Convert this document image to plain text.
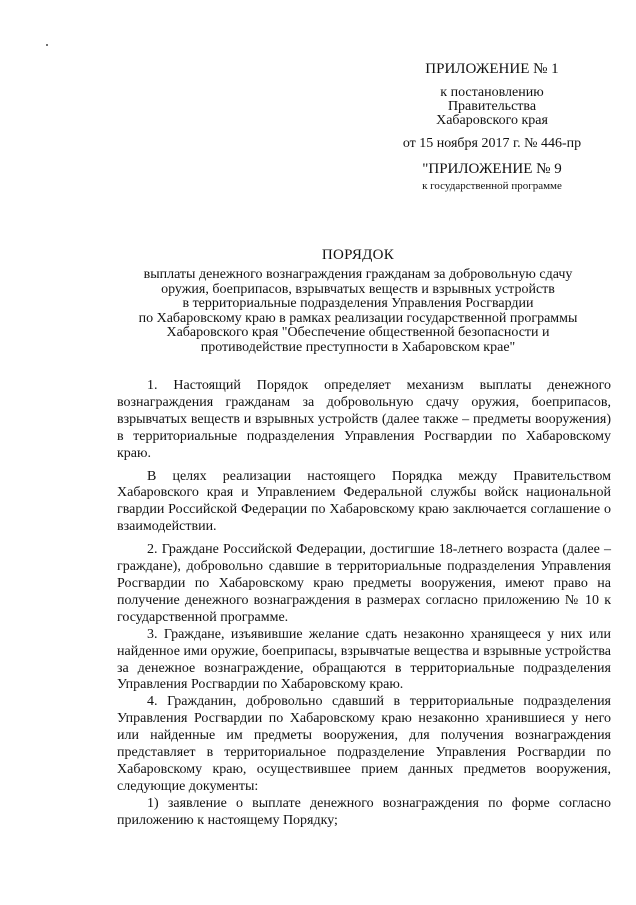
ПРИЛОЖЕНИЕ № 1
к постановлению
Правительства
Хабаровского края
от 15 ноября 2017 г. № 446-пр
"ПРИЛОЖЕНИЕ № 9
к государственной программе
ПОРЯДОК
выплаты денежного вознаграждения гражданам за добровольную сдачу
оружия, боеприпасов, взрывчатых веществ и взрывных устройств
в территориальные подразделения Управления Росгвардии
по Хабаровскому краю в рамках реализации государственной программы
Хабаровского края "Обеспечение общественной безопасности и
противодействие преступности в Хабаровском крае"

1. Настоящий Порядок определяет механизм выплаты денежного вознаграждения гражданам за добровольную сдачу оружия, боеприпасов, взрывчатых веществ и взрывных устройств (далее также – предметы вооружения) в территориальные подразделения Управления Росгвардии по Хабаровскому краю.

В целях реализации настоящего Порядка между Правительством Хабаровского края и Управлением Федеральной службы войск национальной гвардии Российской Федерации по Хабаровскому краю заключается соглашение о взаимодействии.

2. Граждане Российской Федерации, достигшие 18-летнего возраста (далее – граждане), добровольно сдавшие в территориальные подразделения Управления Росгвардии по Хабаровскому краю предметы вооружения, имеют право на получение денежного вознаграждения в размерах согласно приложению № 10 к государственной программе.

3. Граждане, изъявившие желание сдать незаконно хранящееся у них или найденное ими оружие, боеприпасы, взрывчатые вещества и взрывные устройства за денежное вознаграждение, обращаются в территориальные подразделения Управления Росгвардии по Хабаровскому краю.

4. Гражданин, добровольно сдавший в территориальные подразделения Управления Росгвардии по Хабаровскому краю незаконно хранившиеся у него или найденные им предметы вооружения, для получения вознаграждения представляет в территориальное подразделение Управления Росгвардии по Хабаровскому краю, осуществившее прием данных предметов вооружения, следующие документы:

1) заявление о выплате денежного вознаграждения по форме согласно приложению к настоящему Порядку;
